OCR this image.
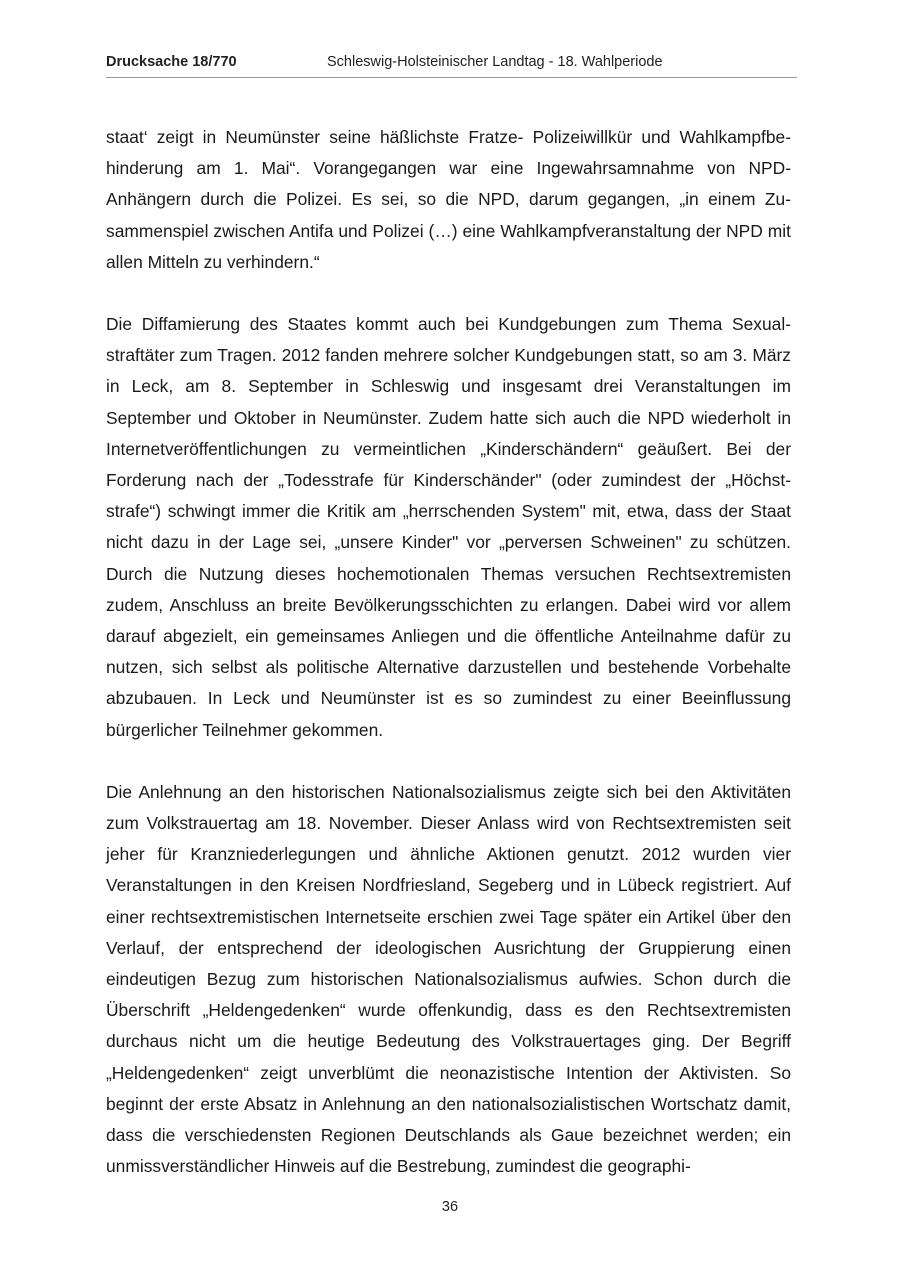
Drucksache 18/770	Schleswig-Holsteinischer Landtag - 18. Wahlperiode

staat‘ zeigt in Neumünster seine häßlichste Fratze- Polizeiwillkür und Wahlkampfbehinderung am 1. Mai“. Vorangegangen war eine Ingewahrsamnahme von NPD-Anhängern durch die Polizei. Es sei, so die NPD, darum gegangen, „in einem Zusammenspiel zwischen Antifa und Polizei (…) eine Wahlkampfveranstaltung der NPD mit allen Mitteln zu verhindern.“

Die Diffamierung des Staates kommt auch bei Kundgebungen zum Thema Sexualstraftäter zum Tragen. 2012 fanden mehrere solcher Kundgebungen statt, so am 3. März in Leck, am 8. September in Schleswig und insgesamt drei Veranstaltungen im September und Oktober in Neumünster. Zudem hatte sich auch die NPD wiederholt in Internetveröffentlichungen zu vermeintlichen „Kinderschändern“ geäußert. Bei der Forderung nach der „Todesstrafe für Kinderschänder" (oder zumindest der „Höchststrafe“) schwingt immer die Kritik am „herrschenden System" mit, etwa, dass der Staat nicht dazu in der Lage sei, „unsere Kinder" vor „perversen Schweinen" zu schützen. Durch die Nutzung dieses hochemotionalen Themas versuchen Rechtsextremisten zudem, Anschluss an breite Bevölkerungsschichten zu erlangen. Dabei wird vor allem darauf abgezielt, ein gemeinsames Anliegen und die öffentliche Anteilnahme dafür zu nutzen, sich selbst als politische Alternative darzustellen und bestehende Vorbehalte abzubauen. In Leck und Neumünster ist es so zumindest zu einer Beeinflussung bürgerlicher Teilnehmer gekommen.

Die Anlehnung an den historischen Nationalsozialismus zeigte sich bei den Aktivitäten zum Volkstrauertag am 18. November. Dieser Anlass wird von Rechtsextremisten seit jeher für Kranzniederlegungen und ähnliche Aktionen genutzt. 2012 wurden vier Veranstaltungen in den Kreisen Nordfriesland, Segeberg und in Lübeck registriert. Auf einer rechtsextremistischen Internetseite erschien zwei Tage später ein Artikel über den Verlauf, der entsprechend der ideologischen Ausrichtung der Gruppierung einen eindeutigen Bezug zum historischen Nationalsozialismus aufwies. Schon durch die Überschrift „Heldengedenken“ wurde offenkundig, dass es den Rechtsextremisten durchaus nicht um die heutige Bedeutung des Volkstrauertages ging. Der Begriff „Heldengedenken“ zeigt unverblümt die neonazistische Intention der Aktivisten. So beginnt der erste Absatz in Anlehnung an den nationalsozialistischen Wortschatz damit, dass die verschiedensten Regionen Deutschlands als Gaue bezeichnet werden; ein unmissverständlicher Hinweis auf die Bestrebung, zumindest die geographi-

36
